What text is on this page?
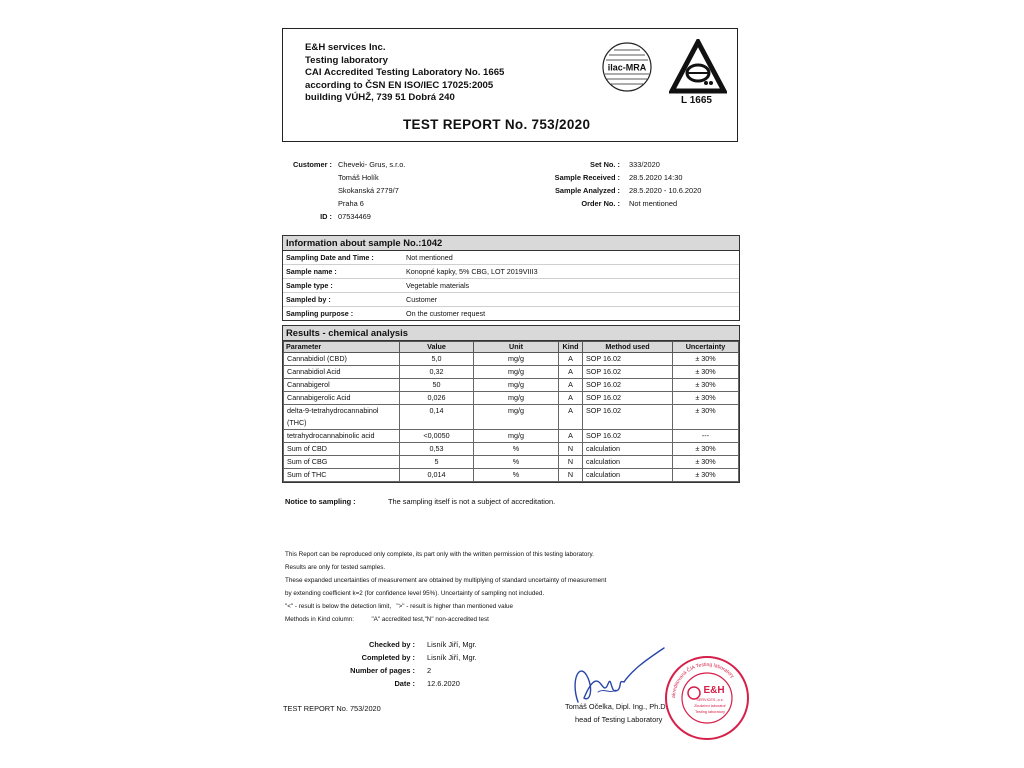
E&H services Inc.
Testing laboratory
CAI Accredited Testing Laboratory No. 1665
according to ČSN EN ISO/IEC 17025:2005
building VÚHŽ, 739 51 Dobrá 240
TEST REPORT No. 753/2020
ilac-MRA
L 1665
Customer : Cheveki- Grus, s.r.o.
Tomáš Holík
Skokanská 2779/7
Praha 6
ID : 07534469
Set No. : 333/2020
Sample Received : 28.5.2020 14:30
Sample Analyzed : 28.5.2020 - 10.6.2020
Order No. : Not mentioned
Information about sample No.:1042
Sampling Date and Time :	Not mentioned
Sample name :	Konopné kapky, 5% CBG, LOT 2019VIII3
Sample type :	Vegetable materials
Sampled by :	Customer
Sampling purpose :	On the customer request
Results - chemical analysis
Parameter	Value	Unit	Kind	Method used	Uncertainty
Cannabidiol (CBD)	5,0	mg/g	A	SOP 16.02	± 30%
Cannabidiol Acid	0,32	mg/g	A	SOP 16.02	± 30%
Cannabigerol	50	mg/g	A	SOP 16.02	± 30%
Cannabigerolic Acid	0,026	mg/g	A	SOP 16.02	± 30%
delta-9-tetrahydrocannabinol (THC)	0,14	mg/g	A	SOP 16.02	± 30%
tetrahydrocannabinolic acid	<0,0050	mg/g	A	SOP 16.02	---
Sum of CBD	0,53	%	N	calculation	± 30%
Sum of CBG	5	%	N	calculation	± 30%
Sum of THC	0,014	%	N	calculation	± 30%
Notice to sampling :	The sampling itself is not a subject of accreditation.
This Report can be reproduced only complete, its part only with the written permission of this testing laboratory.
Results are only for tested samples.
These expanded uncertainties of measurement are obtained by multiplying of standard uncertainty of measurement
by extending coefficient k=2 (for confidence level 95%). Uncertainty of sampling not included.
"<" - result is below the detection limit,   ">" - result is higher than mentioned value
Methods in Kind column:          "A" accredited test,"N" non-accredited test
Checked by : Lisník Jiří, Mgr.
Completed by : Lisník Jiří, Mgr.
Number of pages : 2
Date : 12.6.2020
TEST REPORT No. 753/2020	Tomáš Očelka, Dipl. Ing., Ph.D.
head of Testing Laboratory
akreditovaná ČIA Testing laboratory
E&H
SERVICES, a.s.
Zkušební laboratoř
Testing laboratory
